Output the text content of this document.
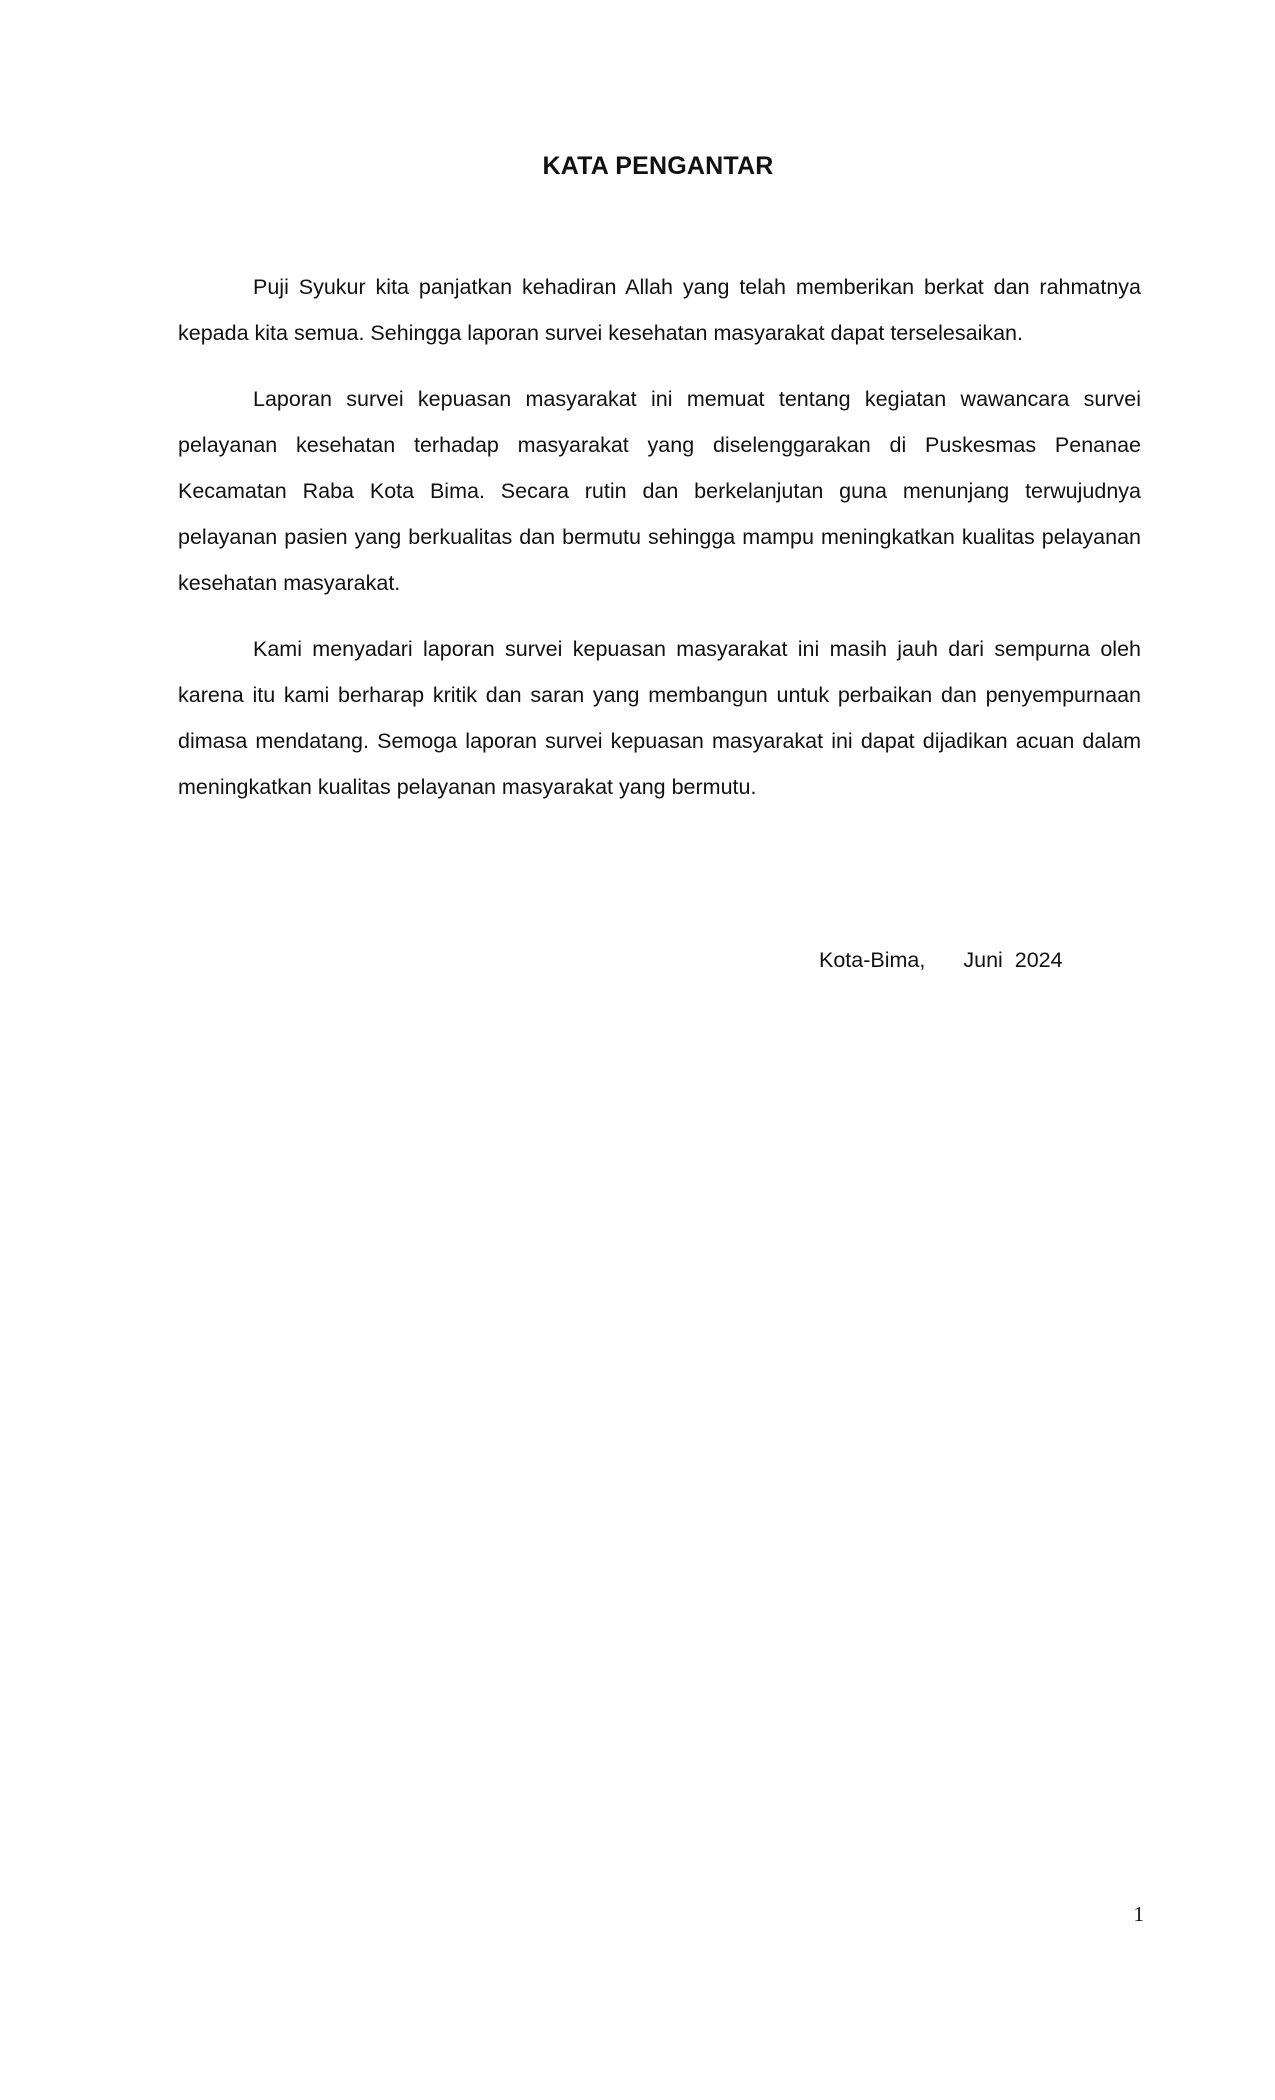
KATA PENGANTAR

Puji Syukur kita panjatkan kehadiran Allah yang telah memberikan berkat dan rahmatnya kepada kita semua. Sehingga laporan survei kesehatan masyarakat dapat terselesaikan.

Laporan survei kepuasan masyarakat ini memuat tentang kegiatan wawancara survei pelayanan kesehatan terhadap masyarakat yang diselenggarakan di Puskesmas Penanae Kecamatan Raba Kota Bima. Secara rutin dan berkelanjutan guna menunjang terwujudnya pelayanan pasien yang berkualitas dan bermutu sehingga mampu meningkatkan kualitas pelayanan kesehatan masyarakat.

Kami menyadari laporan survei kepuasan masyarakat ini masih jauh dari sempurna oleh karena itu kami berharap kritik dan saran yang membangun untuk perbaikan dan penyempurnaan dimasa mendatang. Semoga laporan survei kepuasan masyarakat ini dapat dijadikan acuan dalam meningkatkan kualitas pelayanan masyarakat yang bermutu.

Kota-Bima, Juni  2024
1
